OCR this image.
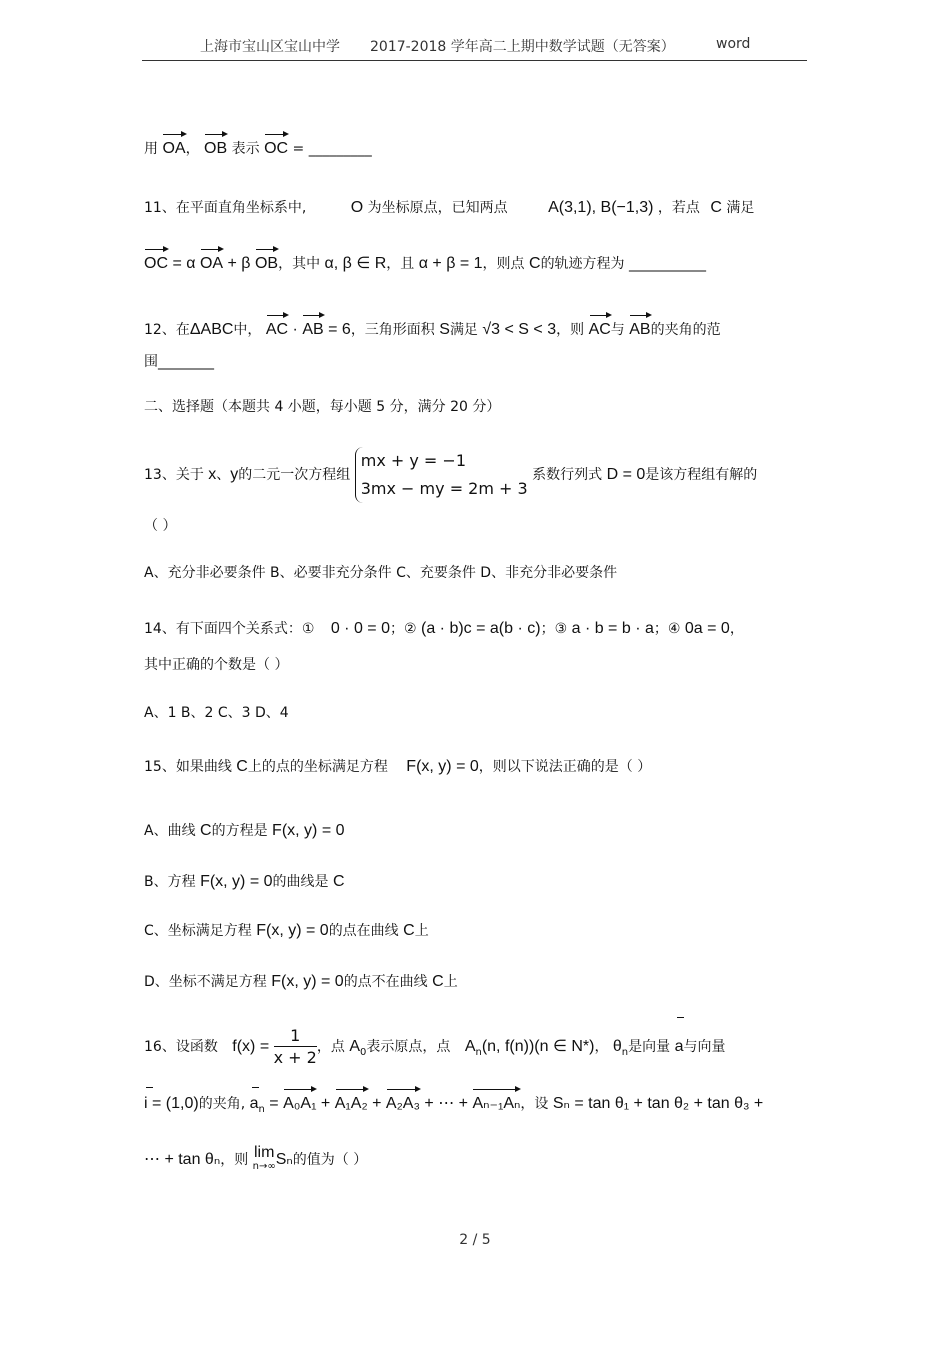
上海市宝山区宝山中学 2017-2018 学年高二上期中数学试题（无答案）	word
用 OA， OB 表示 OC = _________
11、在平面直角坐标系中,	O 为坐标原点，已知两点	A(3,1), B(−1,3) ，若点 C 满足
OC = α OA + β OB，其中 α, β ∈ R，且 α + β = 1，则点 C的轨迹方程为 ___________
12、在ΔABC中， AC · AB = 6，三角形面积 S满足 √3 < S < 3，则 AC与 AB的夹角的范
围________
二、选择题（本题共 4 小题，每小题 5 分，满分 20 分）
13、关于 x、y的二元一次方程组
mx + y = −1
3mx − my = 2m + 3
系数行列式 D = 0是该方程组有解的
（ ）
A、充分非必要条件 B、必要非充分条件 C、充要条件 D、非充分非必要条件
14、有下面四个关系式：① 0 · 0 = 0；② (a · b)c = a(b · c)；③ a · b = b · a；④ 0a = 0，
其中正确的个数是（ ）
A、1 B、2 C、3 D、4
15、如果曲线 C上的点的坐标满足方程 F(x, y) = 0，则以下说法正确的是（ ）
A、曲线 C的方程是 F(x, y) = 0
B、方程 F(x, y) = 0的曲线是 C
C、坐标满足方程 F(x, y) = 0的点在曲线 C上
D、坐标不满足方程 F(x, y) = 0的点不在曲线 C上
16、设函数 $f(x) = \frac{1}{x + 2}$ ，点 $A_0$表示原点，点 $A_n(n$, f(n))(n ∈ N*)， $\theta_n$是向量 a与向量
i = (1,0)的夹角, $a_n = A_0A_1 + A_1A_2 + A_2A_3$ + ⋯ + Aₙ₋₁Aₙ，设 Sₙ = tan θ₁ + tan θ₂ + tan θ₃ +
⋯ + tan θₙ，则 lim
n→∞ Sₙ的值为（ ）
2 / 5
